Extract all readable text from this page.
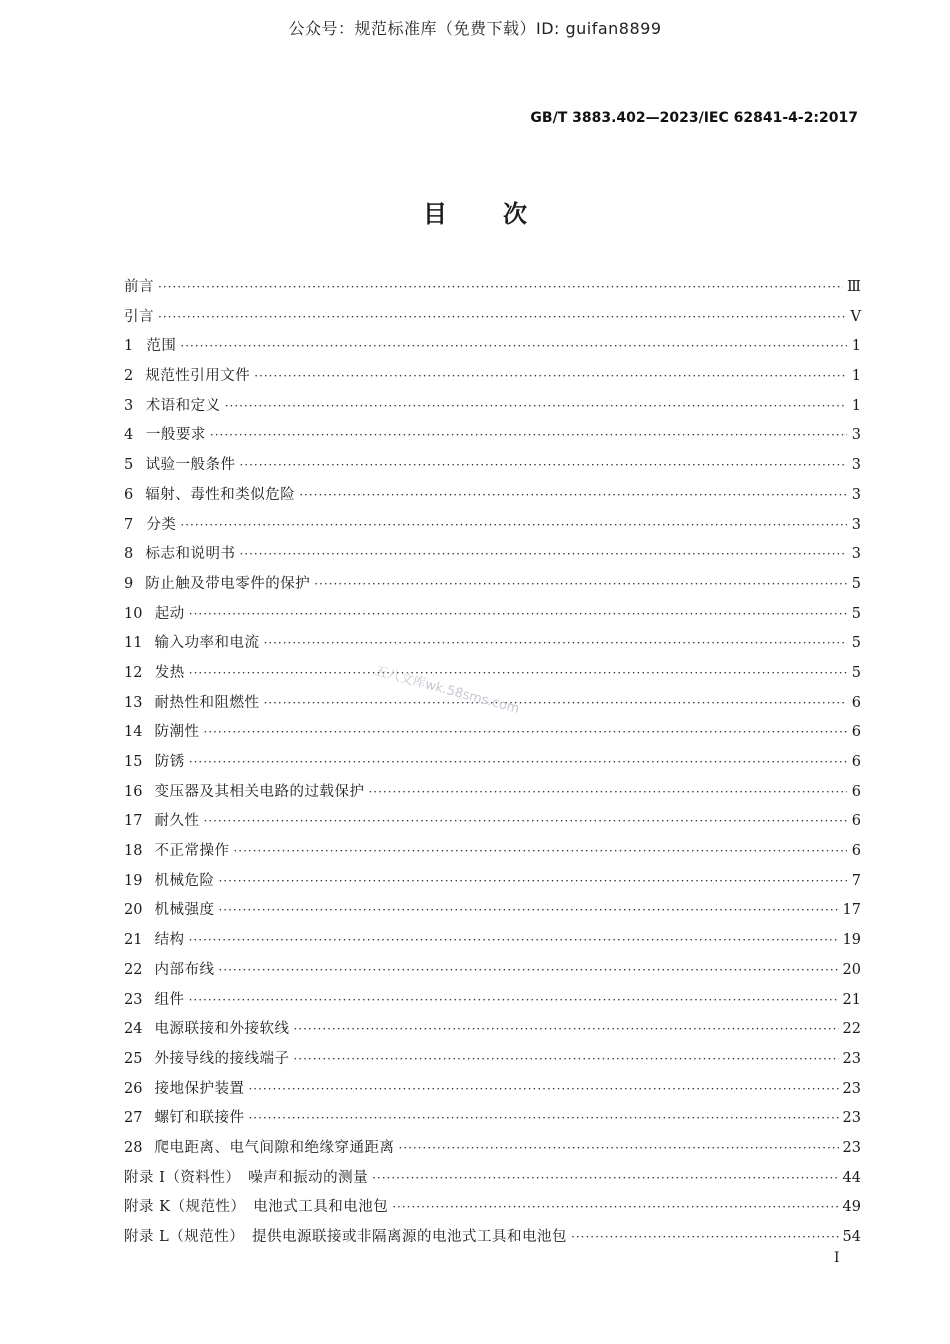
公众号：规范标准库（免费下载）ID: guifan8899
GB/T 3883.402—2023/IEC 62841-4-2:2017
目次
前言 ·····	Ⅲ
引言 ·····	Ⅴ
1 范围 ·····	1
2 规范性引用文件 ·····	1
3 术语和定义 ·····	1
4 一般要求 ·····	3
5 试验一般条件 ·····	3
6 辐射、毒性和类似危险 ·····	3
7 分类 ·····	3
8 标志和说明书 ·····	3
9 防止触及带电零件的保护 ·····	5
10 起动 ·····	5
11 输入功率和电流 ·····	5
12 发热 ·····	5
13 耐热性和阻燃性 ·····	6
14 防潮性 ·····	6
15 防锈 ·····	6
16 变压器及其相关电路的过载保护 ·····	6
17 耐久性 ·····	6
18 不正常操作 ·····	6
19 机械危险 ·····	7
20 机械强度 ·····	17
21 结构 ·····	19
22 内部布线 ·····	20
23 组件 ·····	21
24 电源联接和外接软线 ·····	22
25 外接导线的接线端子 ·····	23
26 接地保护装置 ·····	23
27 螺钉和联接件 ·····	23
28 爬电距离、电气间隙和绝缘穿通距离 ·····	23
附录 I（资料性）　噪声和振动的测量 ·····	44
附录 K（规范性）　电池式工具和电池包 ·····	49
附录 L（规范性）　提供电源联接或非隔离源的电池式工具和电池包 ·····	54
五八文库wk.58sms.com
Ⅰ
